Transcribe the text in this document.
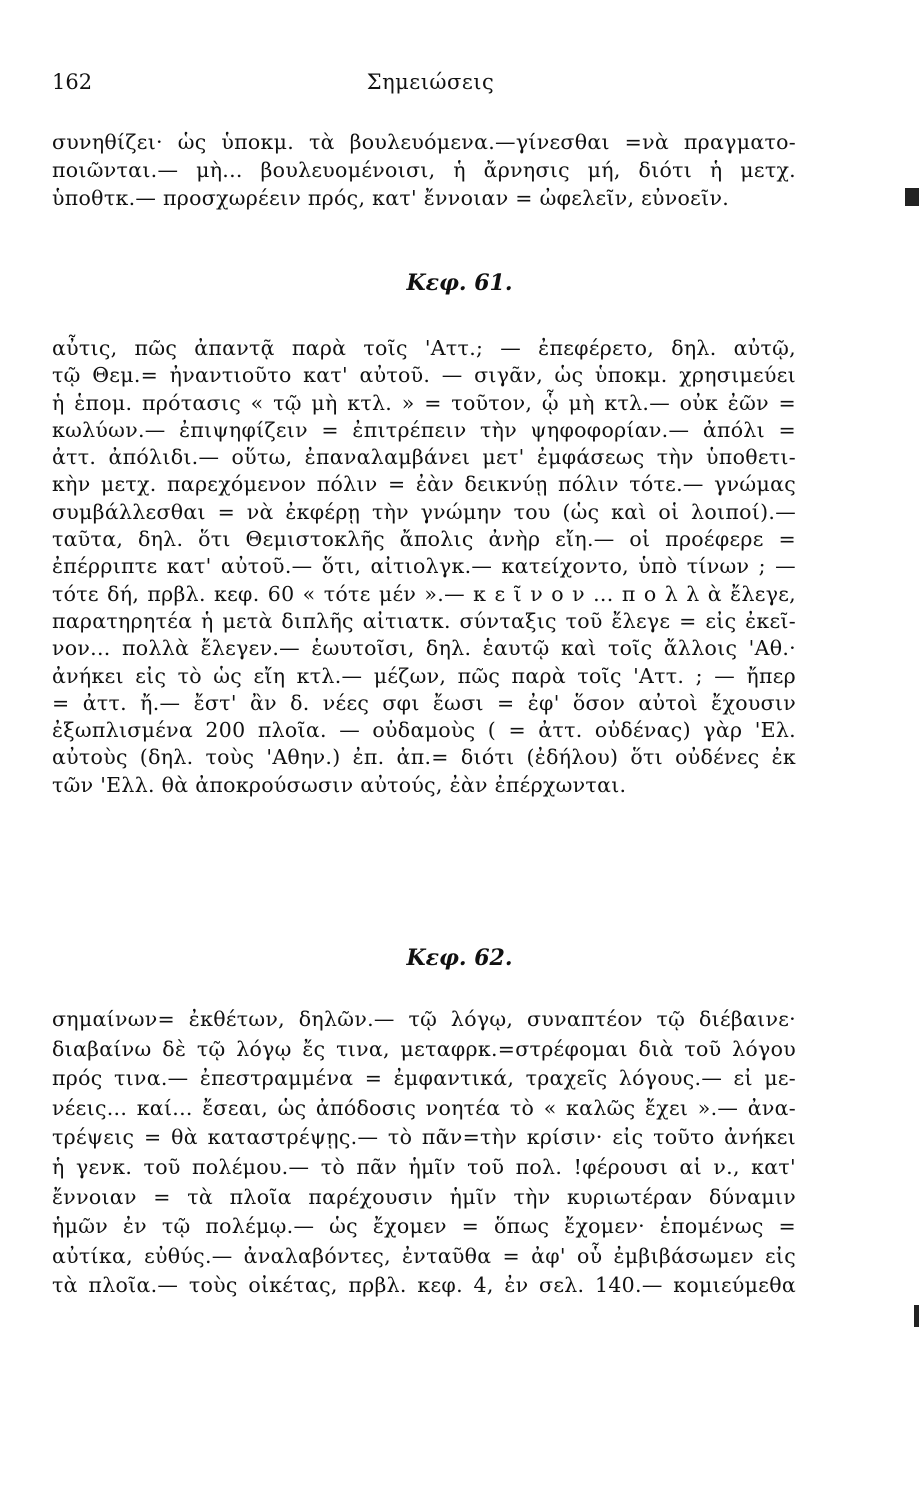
162	Σημειώσεις
συνηθίζει· ὡς ὑποκμ. τὰ βουλευόμενα.—γίνεσθαι =νὰ πραγματο-
ποιῶνται.— μὴ... βουλευομένοισι, ἡ ἄρνησις μή, διότι ἡ μετχ.
ὑποθτκ.— προσχωρέειν πρός, κατ' ἔννοιαν = ὠφελεῖν, εὐνοεῖν.
Κεφ. 61.
αὖτις, πῶς ἀπαντᾷ παρὰ τοῖς 'Αττ.; — ἐπεφέρετο, δηλ. αὐτῷ,
τῷ Θεμ.= ἠναντιοῦτο κατ' αὐτοῦ. — σιγᾶν, ὡς ὑποκμ. χρησιμεύει
ἡ ἑπομ. πρότασις « τῷ μὴ κτλ. » = τοῦτον, ᾧ μὴ κτλ.— οὐκ ἐῶν =
κωλύων.— ἐπιψηφίζειν = ἐπιτρέπειν τὴν ψηφοφορίαν.— ἀπόλι =
ἀττ. ἀπόλιδι.— οὕτω, ἐπαναλαμβάνει μετ' ἐμφάσεως τὴν ὑποθετι-
κὴν μετχ. παρεχόμενον πόλιν = ἐὰν δεικνύῃ πόλιν τότε.— γνώμας
συμβάλλεσθαι = νὰ ἐκφέρῃ τὴν γνώμην του (ὡς καὶ οἱ λοιποί).—
ταῦτα, δηλ. ὅτι Θεμιστοκλῆς ἄπολις ἀνὴρ εἴη.— οἱ προέφερε =
ἐπέρριπτε κατ' αὐτοῦ.— ὅτι, αἰτιολγκ.— κατείχοντο, ὑπὸ τίνων ; —
τότε δή, πρβλ. κεφ. 60 « τότε μέν ».— κ ε ῖ ν ο ν ... π ο λ λ ὰ ἔλεγε,
παρατηρητέα ἡ μετὰ διπλῆς αἰτιατκ. σύνταξις τοῦ ἔλεγε = εἰς ἐκεῖ-
νον... πολλὰ ἔλεγεν.— ἑωυτοῖσι, δηλ. ἑαυτῷ καὶ τοῖς ἄλλοις 'Αθ.·
ἀνήκει εἰς τὸ ὡς εἴη κτλ.— μέζων, πῶς παρὰ τοῖς 'Αττ. ; — ἤπερ
= ἀττ. ἤ.— ἔστ' ἂν δ. νέες σφι ἔωσι = ἐφ' ὅσον αὐτοὶ ἔχουσιν
ἐξωπλισμένα 200 πλοῖα. — οὐδαμοὺς ( = ἀττ. οὐδένας) γὰρ 'Ελ.
αὐτοὺς (δηλ. τοὺς 'Αθην.) ἐπ. ἀπ.= διότι (ἐδήλου) ὅτι οὐδένες ἐκ
τῶν 'Ελλ. θὰ ἀποκρούσωσιν αὐτούς, ἐὰν ἐπέρχωνται.
Κεφ. 62.
σημαίνων= ἐκθέτων, δηλῶν.— τῷ λόγῳ, συναπτέον τῷ διέβαινε·
διαβαίνω δὲ τῷ λόγῳ ἔς τινα, μεταφρκ.=στρέφομαι διὰ τοῦ λόγου
πρός τινα.— ἐπεστραμμένα = ἐμφαντικά, τραχεῖς λόγους.— εἰ με-
νέεις... καί... ἔσεαι, ὡς ἀπόδοσις νοητέα τὸ « καλῶς ἔχει ».— ἀνα-
τρέψεις = θὰ καταστρέψῃς.— τὸ πᾶν=τὴν κρίσιν· εἰς τοῦτο ἀνήκει
ἡ γενκ. τοῦ πολέμου.— τὸ πᾶν ἡμῖν τοῦ πολ. !φέρουσι αἱ ν., κατ'
ἔννοιαν = τὰ πλοῖα παρέχουσιν ἡμῖν τὴν κυριωτέραν δύναμιν
ἡμῶν ἐν τῷ πολέμῳ.— ὡς ἔχομεν = ὅπως ἔχομεν· ἑπομένως =
αὐτίκα, εὐθύς.— ἀναλαβόντες, ἐνταῦθα = ἀφ' οὗ ἐμβιβάσωμεν εἰς
τὰ πλοῖα.— τοὺς οἰκέτας, πρβλ. κεφ. 4, ἐν σελ. 140.— κομιεύμεθα
